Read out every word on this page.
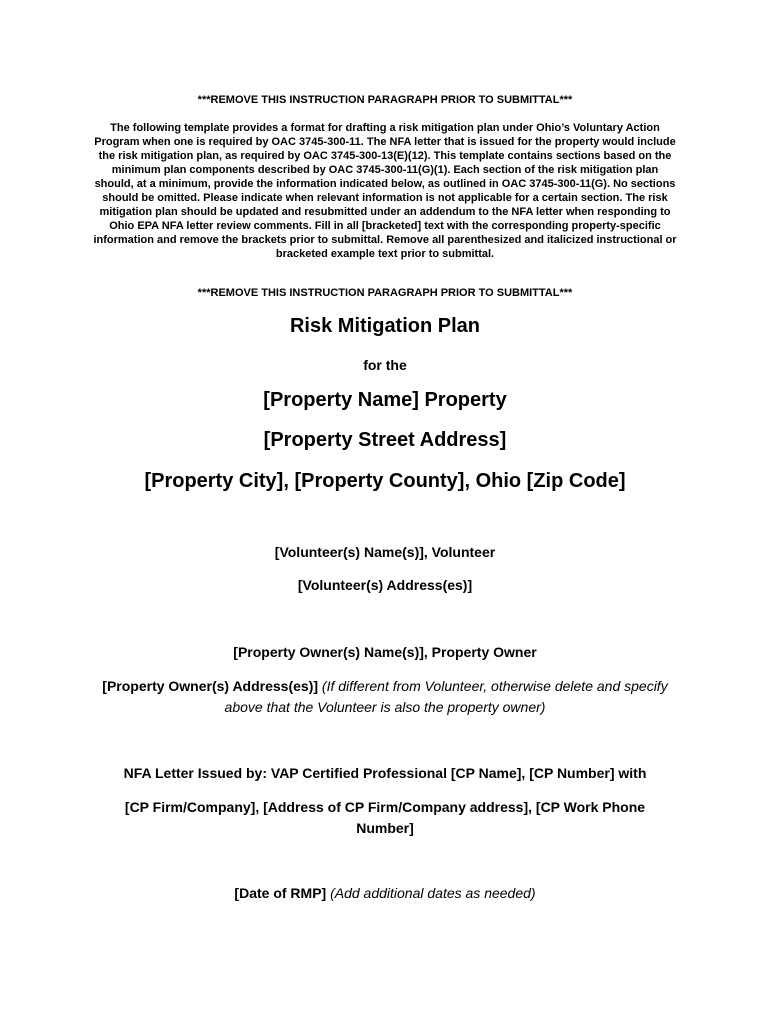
***REMOVE THIS INSTRUCTION PARAGRAPH PRIOR TO SUBMITTAL***

The following template provides a format for drafting a risk mitigation plan under Ohio’s Voluntary Action Program when one is required by OAC 3745-300-11. The NFA letter that is issued for the property would include the risk mitigation plan, as required by OAC 3745-300-13(E)(12). This template contains sections based on the minimum plan components described by OAC 3745-300-11(G)(1). Each section of the risk mitigation plan should, at a minimum, provide the information indicated below, as outlined in OAC 3745-300-11(G). No sections should be omitted. Please indicate when relevant information is not applicable for a certain section. The risk mitigation plan should be updated and resubmitted under an addendum to the NFA letter when responding to Ohio EPA NFA letter review comments. Fill in all [bracketed] text with the corresponding property-specific information and remove the brackets prior to submittal. Remove all parenthesized and italicized instructional or bracketed example text prior to submittal.

***REMOVE THIS INSTRUCTION PARAGRAPH PRIOR TO SUBMITTAL***

Risk Mitigation Plan

for the

[Property Name] Property

[Property Street Address]

[Property City], [Property County], Ohio [Zip Code]

[Volunteer(s) Name(s)], Volunteer

[Volunteer(s) Address(es)]

[Property Owner(s) Name(s)], Property Owner

[Property Owner(s) Address(es)] (If different from Volunteer, otherwise delete and specify above that the Volunteer is also the property owner)

NFA Letter Issued by: VAP Certified Professional [CP Name], [CP Number] with

[CP Firm/Company], [Address of CP Firm/Company address], [CP Work Phone Number]

[Date of RMP] (Add additional dates as needed)
